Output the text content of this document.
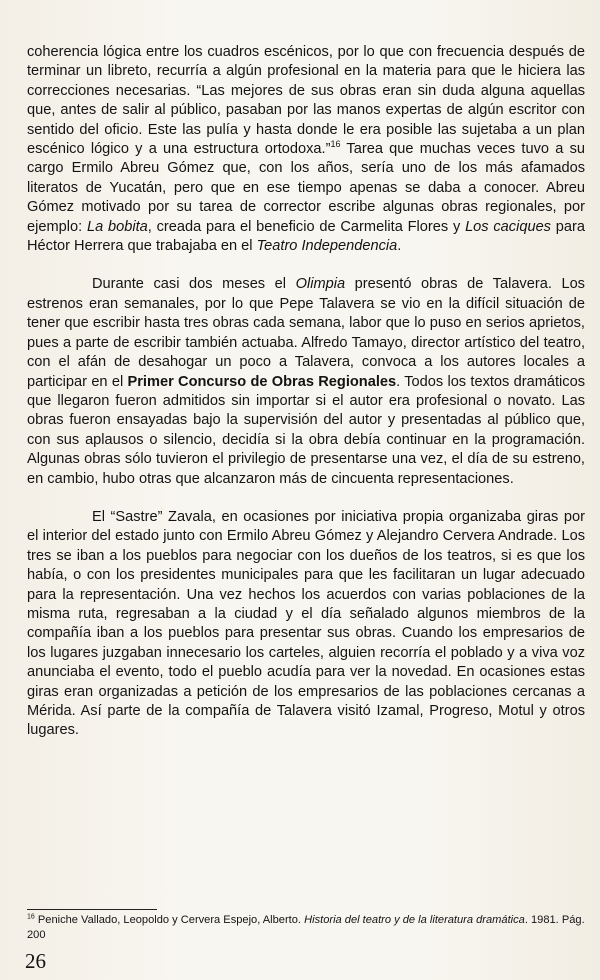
coherencia lógica entre los cuadros escénicos, por lo que con frecuencia después de terminar un libreto, recurría a algún profesional en la materia para que le hiciera las correcciones necesarias. “Las mejores de sus obras eran sin duda alguna aquellas que, antes de salir al público, pasaban por las manos expertas de algún escritor con sentido del oficio. Este las pulía y hasta donde le era posible las sujetaba a un plan escénico lógico y a una estructura ortodoxa.”$^{16}$ Tarea que muchas veces tuvo a su cargo Ermilo Abreu Gómez que, con los años, sería uno de los más afamados literatos de Yucatán, pero que en ese tiempo apenas se daba a conocer. Abreu Gómez motivado por su tarea de corrector escribe algunas obras regionales, por ejemplo: La bobita, creada para el beneficio de Carmelita Flores y Los caciques para Héctor Herrera que trabajaba en el Teatro Independencia.

Durante casi dos meses el Olimpia presentó obras de Talavera. Los estrenos eran semanales, por lo que Pepe Talavera se vio en la difícil situación de tener que escribir hasta tres obras cada semana, labor que lo puso en serios aprietos, pues a parte de escribir también actuaba. Alfredo Tamayo, director artístico del teatro, con el afán de desahogar un poco a Talavera, convoca a los autores locales a participar en el Primer Concurso de Obras Regionales. Todos los textos dramáticos que llegaron fueron admitidos sin importar si el autor era profesional o novato. Las obras fueron ensayadas bajo la supervisión del autor y presentadas al público que, con sus aplausos o silencio, decidía si la obra debía continuar en la programación. Algunas obras sólo tuvieron el privilegio de presentarse una vez, el día de su estreno, en cambio, hubo otras que alcanzaron más de cincuenta representaciones.

El “Sastre” Zavala, en ocasiones por iniciativa propia organizaba giras por el interior del estado junto con Ermilo Abreu Gómez y Alejandro Cervera Andrade. Los tres se iban a los pueblos para negociar con los dueños de los teatros, si es que los había, o con los presidentes municipales para que les facilitaran un lugar adecuado para la representación. Una vez hechos los acuerdos con varias poblaciones de la misma ruta, regresaban a la ciudad y el día señalado algunos miembros de la compañía iban a los pueblos para presentar sus obras. Cuando los empresarios de los lugares juzgaban innecesario los carteles, alguien recorría el poblado y a viva voz anunciaba el evento, todo el pueblo acudía para ver la novedad. En ocasiones estas giras eran organizadas a petición de los empresarios de las poblaciones cercanas a Mérida. Así parte de la compañía de Talavera visitó Izamal, Progreso, Motul y otros lugares.

$^{16}$ Peniche Vallado, Leopoldo y Cervera Espejo, Alberto. Historia del teatro y de la literatura dramática. 1981. Pág. 200
26
